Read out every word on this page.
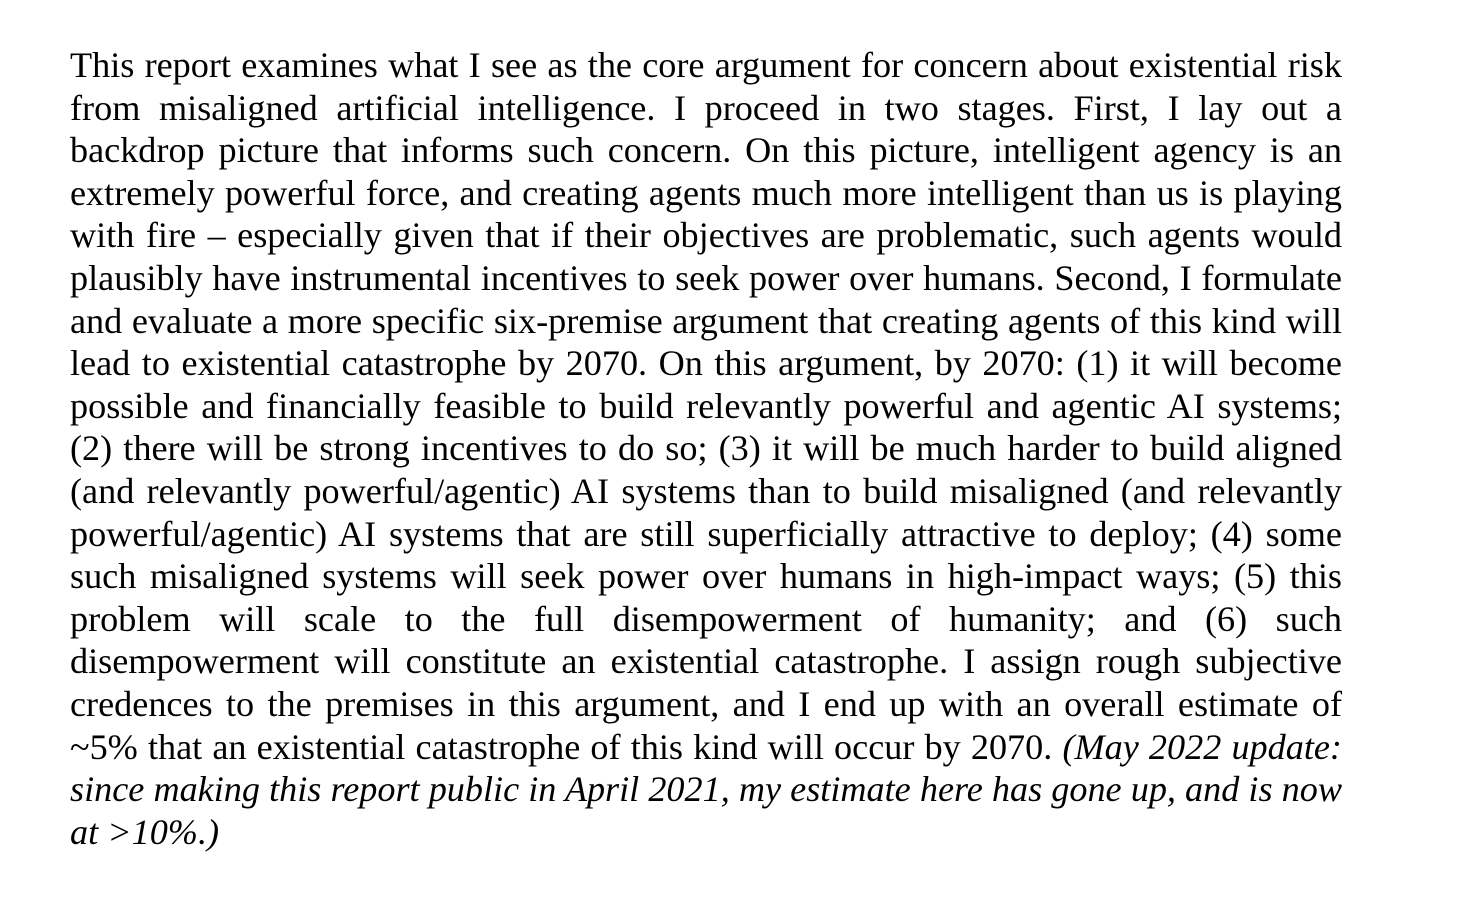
This report examines what I see as the core argument for concern about existential risk from misaligned artificial intelligence. I proceed in two stages. First, I lay out a backdrop picture that informs such concern. On this picture, intelligent agency is an extremely powerful force, and creating agents much more intelligent than us is playing with fire – especially given that if their objectives are problematic, such agents would plausibly have instrumental incentives to seek power over humans. Second, I formulate and evaluate a more specific six-premise argument that creating agents of this kind will lead to existential catastrophe by 2070. On this argument, by 2070: (1) it will become possible and financially feasible to build relevantly powerful and agentic AI systems; (2) there will be strong incentives to do so; (3) it will be much harder to build aligned (and relevantly powerful/agentic) AI systems than to build misaligned (and relevantly powerful/agentic) AI systems that are still superficially attractive to deploy; (4) some such misaligned systems will seek power over humans in high-impact ways; (5) this problem will scale to the full disempowerment of humanity; and (6) such disempowerment will constitute an existential catastrophe. I assign rough subjective credences to the premises in this argument, and I end up with an overall estimate of ~5% that an existential catastrophe of this kind will occur by 2070. (May 2022 update: since making this report public in April 2021, my estimate here has gone up, and is now at >10%.)
